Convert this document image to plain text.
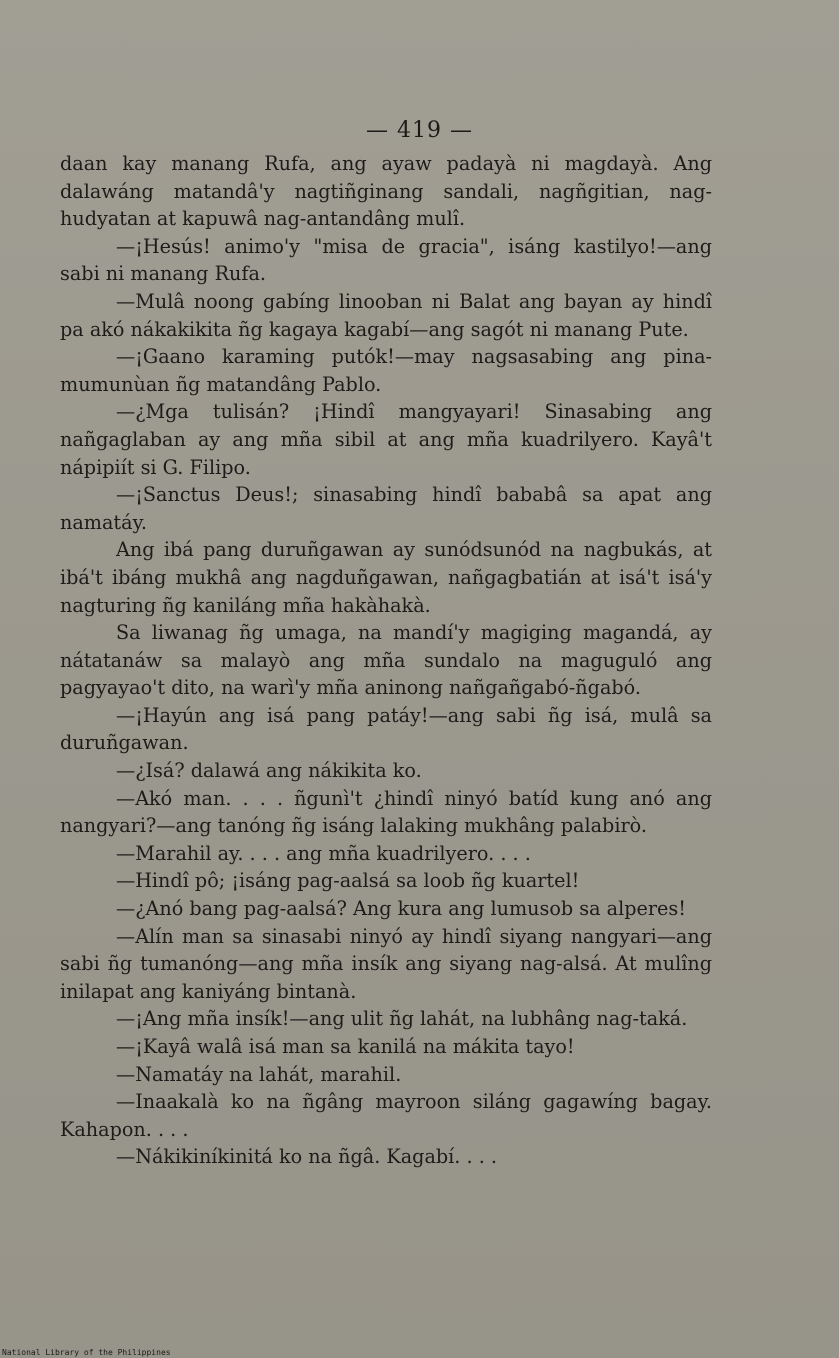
— 419 —

daan kay manang Rufa, ang ayaw padayà ni magdayà. Ang dalawáng matandâ'y nagtiñginang sandali, nagñgitian, nag-hudyatan at kapuwâ nag-antandâng mulî.

—¡Hesús! animo'y "misa de gracia", isáng kastilyo!—ang sabi ni manang Rufa.

—Mulâ noong gabíng linooban ni Balat ang bayan ay hindî pa akó nákakikita ñg kagaya kagabí—ang sagót ni manang Pute.

—¡Gaano karaming putók!—may nagsasabing ang pina-mumunùan ñg matandâng Pablo.

—¿Mga tulisán? ¡Hindî mangyayari! Sinasabing ang nañgaglaban ay ang mña sibil at ang mña kuadrilyero. Kayâ't nápipiít si G. Filipo.

—¡Sanctus Deus!; sinasabing hindî bababâ sa apat ang namatáy.

Ang ibá pang duruñgawan ay sunódsunód na nagbukás, at ibá't ibáng mukhâ ang nagduñgawan, nañgagbatián at isá't isá'y nagturing ñg kaniláng mña hakàhakà.

Sa liwanag ñg umaga, na mandí'y magiging magandá, ay nátatanáw sa malayò ang mña sundalo na maguguló ang pagyayao't dito, na warì'y mña aninong nañgañgabó-ñgabó.

—¡Hayún ang isá pang patáy!—ang sabi ñg isá, mulâ sa duruñgawan.

—¿Isá? dalawá ang nákikita ko.

—Akó man. . . . ñgunì't ¿hindî ninyó batíd kung anó ang nangyari?—ang tanóng ñg isáng lalaking mukhâng palabirò.

—Marahil ay. . . . ang mña kuadrilyero. . . .

—Hindî pô; ¡isáng pag-aalsá sa loob ñg kuartel!

—¿Anó bang pag-aalsá? Ang kura ang lumusob sa alperes!

—Alín man sa sinasabi ninyó ay hindî siyang nangyari—ang sabi ñg tumanóng—ang mña insík ang siyang nag-alsá. At mulîng inilapat ang kaniyáng bintanà.

—¡Ang mña insík!—ang ulit ñg lahát, na lubhâng nag-taká.

—¡Kayâ walâ isá man sa kanilá na mákita tayo!

—Namatáy na lahát, marahil.

—Inaakalà ko na ñgâng mayroon siláng gagawíng bagay. Kahapon. . . .

—Nákikiníkinitá ko na ñgâ. Kagabí. . . .

National Library of the Philippines
